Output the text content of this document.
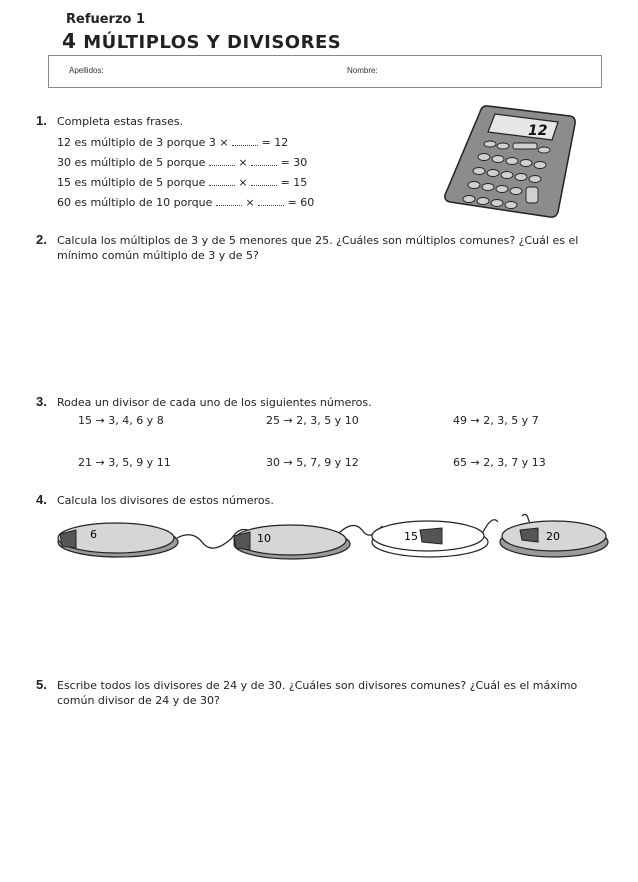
Refuerzo 1
4 MÚLTIPLOS Y DIVISORES
Apellidos:	Nombre:
1. Completa estas frases.
12 es múltiplo de 3 porque 3 ×	= 12
30 es múltiplo de 5 porque	×	= 30
15 es múltiplo de 5 porque	×	= 15
60 es múltiplo de 10 porque	×	= 60
12
2. Calcula los múltiplos de 3 y de 5 menores que 25. ¿Cuáles son múltiplos comunes? ¿Cuál es el mínimo común múltiplo de 3 y de 5?
3. Rodea un divisor de cada uno de los siguientes números.
15 → 3, 4, 6 y 8	25 → 2, 3, 5 y 10	49 → 2, 3, 5 y 7
21 → 3, 5, 9 y 11	30 → 5, 7, 9 y 12	65 → 2, 3, 7 y 13
4. Calcula los divisores de estos números.
6	10	15	20
5. Escribe todos los divisores de 24 y de 30. ¿Cuáles son divisores comunes? ¿Cuál es el máximo común divisor de 24 y de 30?
